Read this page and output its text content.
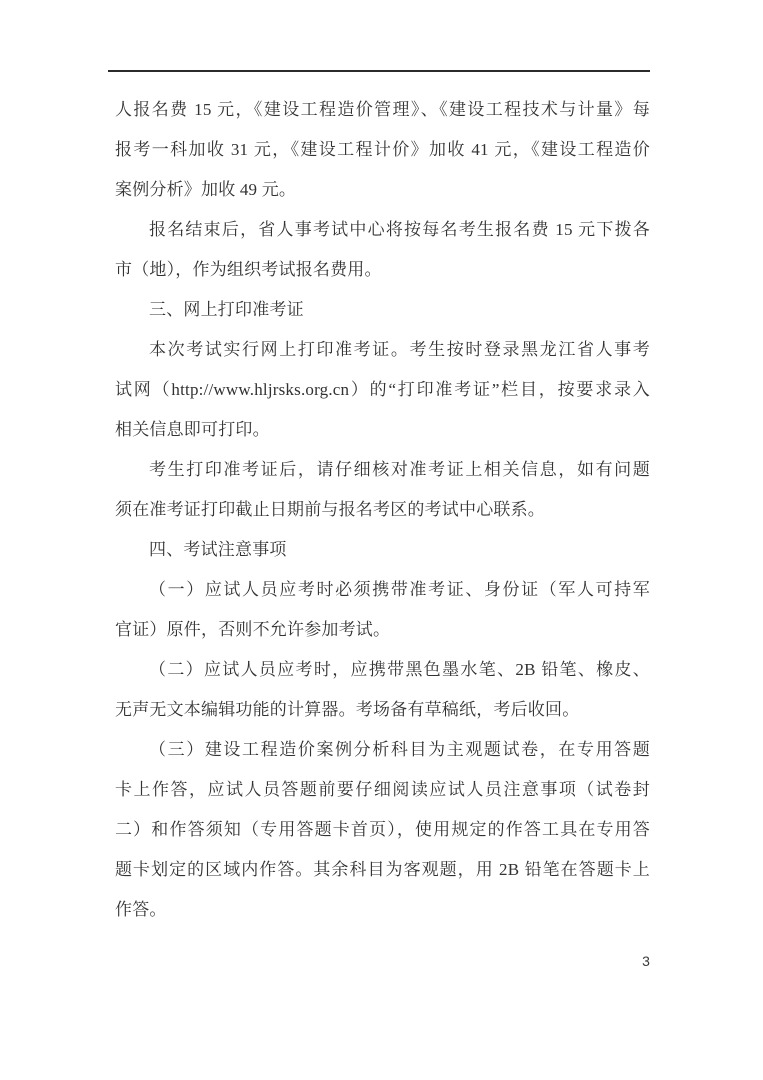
人报名费 15 元，《建设工程造价管理》、《建设工程技术与计量》每
报考一科加收 31 元，《建设工程计价》加收 41 元，《建设工程造价
案例分析》加收 49 元。
报名结束后，省人事考试中心将按每名考生报名费 15 元下拨各
市（地），作为组织考试报名费用。
三、网上打印准考证
本次考试实行网上打印准考证。考生按时登录黑龙江省人事考
试网（http://www.hljrsks.org.cn）的“打印准考证”栏目，按要求录入
相关信息即可打印。
考生打印准考证后，请仔细核对准考证上相关信息，如有问题
须在准考证打印截止日期前与报名考区的考试中心联系。
四、考试注意事项
（一）应试人员应考时必须携带准考证、身份证（军人可持军
官证）原件，否则不允许参加考试。
（二）应试人员应考时，应携带黑色墨水笔、2B 铅笔、橡皮、
无声无文本编辑功能的计算器。考场备有草稿纸，考后收回。
（三）建设工程造价案例分析科目为主观题试卷，在专用答题
卡上作答，应试人员答题前要仔细阅读应试人员注意事项（试卷封
二）和作答须知（专用答题卡首页），使用规定的作答工具在专用答
题卡划定的区域内作答。其余科目为客观题，用 2B 铅笔在答题卡上
作答。
3
